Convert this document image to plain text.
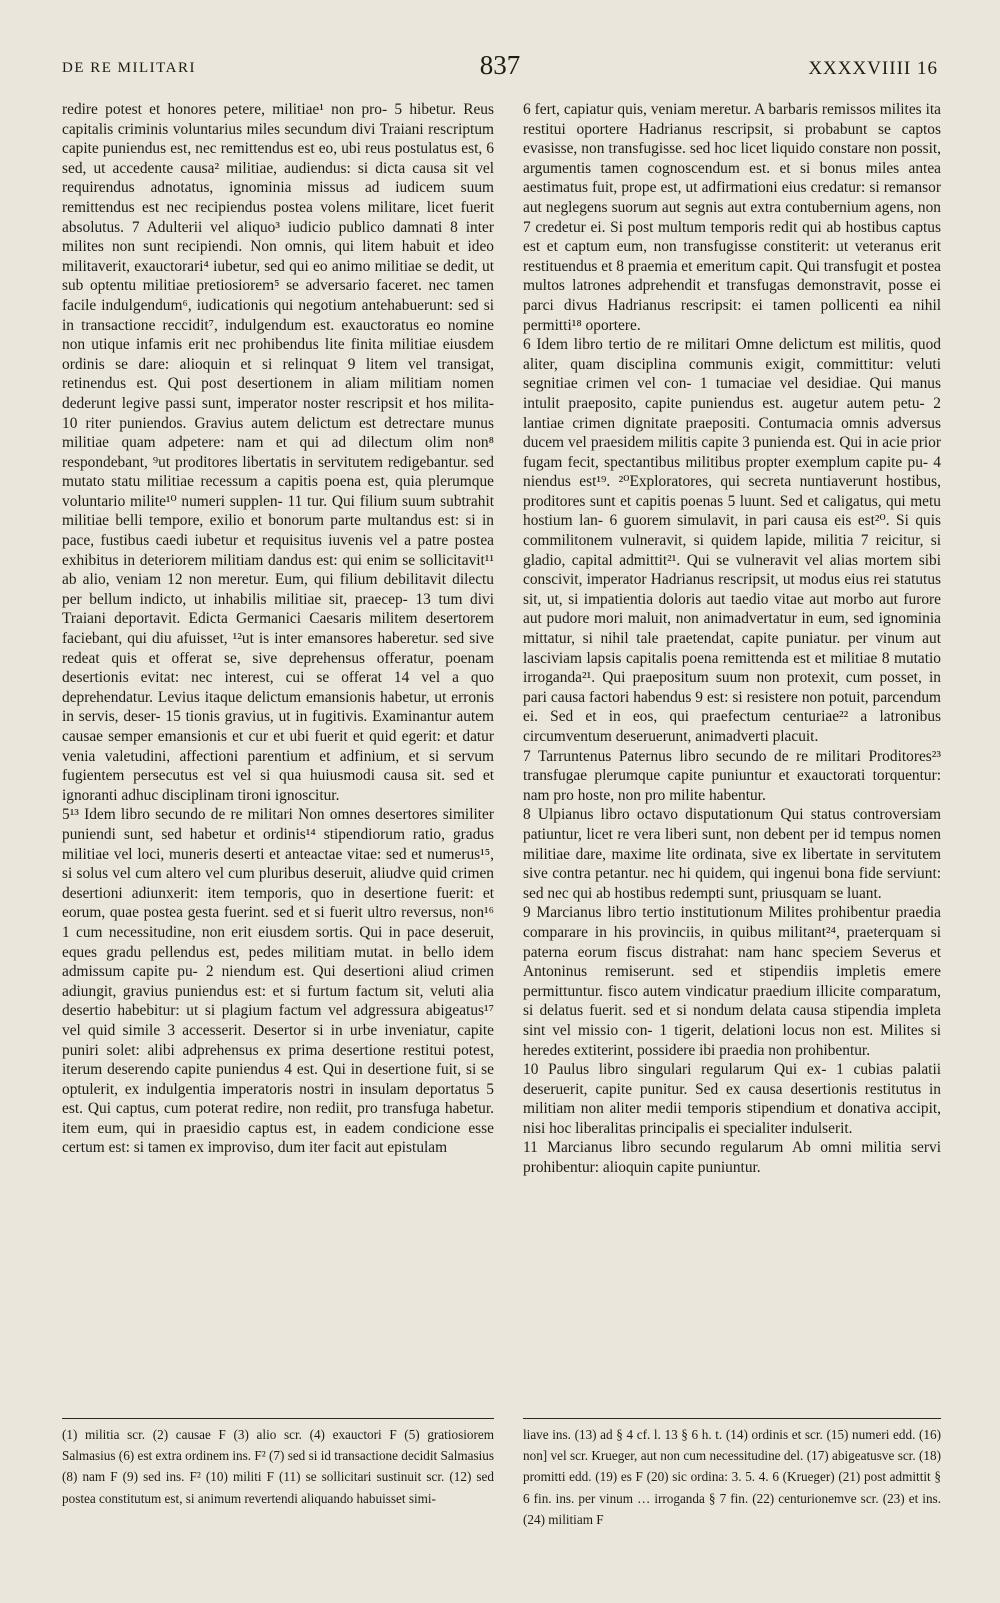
DE RE MILITARI	837	XXXXVIIII 16

redire potest et honores petere, militiae¹ non pro- 5 hibetur. Reus capitalis criminis voluntarius miles secundum divi Traiani rescriptum capite puniendus est, nec remittendus est eo, ubi reus postulatus est, 6 sed, ut accedente causa² militiae, audiendus: si dicta causa sit vel requirendus adnotatus, ignominia missus ad iudicem suum remittendus est nec recipiendus postea volens militare, licet fuerit absolutus. 7 Adulterii vel aliquo³ iudicio publico damnati 8 inter milites non sunt recipiendi. Non omnis, qui litem habuit et ideo militaverit, exauctorari⁴ iubetur, sed qui eo animo militiae se dedit, ut sub optentu militiae pretiosiorem⁵ se adversario faceret. nec tamen facile indulgendum⁶, iudicationis qui negotium antehabuerunt: sed si in transactione reccidit⁷, indulgendum est. exauctoratus eo nomine non utique infamis erit nec prohibendus lite finita militiae eiusdem ordinis se dare: alioquin et si relinquat 9 litem vel transigat, retinendus est. Qui post desertionem in aliam militiam nomen dederunt legive passi sunt, imperator noster rescripsit et hos milita- 10 riter puniendos. Gravius autem delictum est detrectare munus militiae quam adpetere: nam et qui ad dilectum olim non⁸ respondebant, ⁹ut proditores libertatis in servitutem redigebantur. sed mutato statu militiae recessum a capitis poena est, quia plerumque voluntario milite¹⁰ numeri supplen- 11 tur. Qui filium suum subtrahit militiae belli tempore, exilio et bonorum parte multandus est: si in pace, fustibus caedi iubetur et requisitus iuvenis vel a patre postea exhibitus in deteriorem militiam dandus est: qui enim se sollicitavit¹¹ ab alio, veniam 12 non meretur. Eum, qui filium debilitavit dilectu per bellum indicto, ut inhabilis militiae sit, praecep- 13 tum divi Traiani deportavit. Edicta Germanici Caesaris militem desertorem faciebant, qui diu afuisset, ¹²ut is inter emansores haberetur. sed sive redeat quis et offerat se, sive deprehensus offeratur, poenam desertionis evitat: nec interest, cui se offerat 14 vel a quo deprehendatur. Levius itaque delictum emansionis habetur, ut erronis in servis, deser- 15 tionis gravius, ut in fugitivis. Examinantur autem causae semper emansionis et cur et ubi fuerit et quid egerit: et datur venia valetudini, affectioni parentium et adfinium, et si servum fugientem persecutus est vel si qua huiusmodi causa sit. sed et ignoranti adhuc disciplinam tironi ignoscitur.

5¹³ Idem libro secundo de re militari Non omnes desertores similiter puniendi sunt, sed habetur et ordinis¹⁴ stipendiorum ratio, gradus militiae vel loci, muneris deserti et anteactae vitae: sed et numerus¹⁵, si solus vel cum altero vel cum pluribus deseruit, aliudve quid crimen desertioni adiunxerit: item temporis, quo in desertione fuerit: et eorum, quae postea gesta fuerint. sed et si fuerit ultro reversus, non¹⁶ 1 cum necessitudine, non erit eiusdem sortis. Qui in pace deseruit, eques gradu pellendus est, pedes militiam mutat. in bello idem admissum capite pu- 2 niendum est. Qui desertioni aliud crimen adiungit, gravius puniendus est: et si furtum factum sit, veluti alia desertio habebitur: ut si plagium factum vel adgressura abigeatus¹⁷ vel quid simile 3 accesserit. Desertor si in urbe inveniatur, capite puniri solet: alibi adprehensus ex prima desertione restitui potest, iterum deserendo capite puniendus 4 est. Qui in desertione fuit, si se optulerit, ex indulgentia imperatoris nostri in insulam deportatus 5 est. Qui captus, cum poterat redire, non rediit, pro transfuga habetur. item eum, qui in praesidio captus est, in eadem condicione esse certum est: si tamen ex improviso, dum iter facit aut epistulam

6 fert, capiatur quis, veniam meretur. A barbaris remissos milites ita restitui oportere Hadrianus rescripsit, si probabunt se captos evasisse, non transfugisse. sed hoc licet liquido constare non possit, argumentis tamen cognoscendum est. et si bonus miles antea aestimatus fuit, prope est, ut adfirmationi eius credatur: si remansor aut neglegens suorum aut segnis aut extra contubernium agens, non 7 credetur ei. Si post multum temporis redit qui ab hostibus captus est et captum eum, non transfugisse constiterit: ut veteranus erit restituendus et 8 praemia et emeritum capit. Qui transfugit et postea multos latrones adprehendit et transfugas demonstravit, posse ei parci divus Hadrianus rescripsit: ei tamen pollicenti ea nihil permitti¹⁸ oportere.

6 Idem libro tertio de re militari Omne delictum est militis, quod aliter, quam disciplina communis exigit, committitur: veluti segnitiae crimen vel con- 1 tumaciae vel desidiae. Qui manus intulit praeposito, capite puniendus est. augetur autem petu- 2 lantiae crimen dignitate praepositi. Contumacia omnis adversus ducem vel praesidem militis capite 3 punienda est. Qui in acie prior fugam fecit, spectantibus militibus propter exemplum capite pu- 4 niendus est¹⁹. ²⁰Exploratores, qui secreta nuntiaverunt hostibus, proditores sunt et capitis poenas 5 luunt. Sed et caligatus, qui metu hostium lan- 6 guorem simulavit, in pari causa eis est²⁰. Si quis commilitonem vulneravit, si quidem lapide, militia 7 reicitur, si gladio, capital admittit²¹. Qui se vulneravit vel alias mortem sibi conscivit, imperator Hadrianus rescripsit, ut modus eius rei statutus sit, ut, si impatientia doloris aut taedio vitae aut morbo aut furore aut pudore mori maluit, non animadvertatur in eum, sed ignominia mittatur, si nihil tale praetendat, capite puniatur. per vinum aut lasciviam lapsis capitalis poena remittenda est et militiae 8 mutatio irroganda²¹. Qui praepositum suum non protexit, cum posset, in pari causa factori habendus 9 est: si resistere non potuit, parcendum ei. Sed et in eos, qui praefectum centuriae²² a latronibus circumventum deseruerunt, animadverti placuit.

7 Tarruntenus Paternus libro secundo de re militari Proditores²³ transfugae plerumque capite puniuntur et exauctorati torquentur: nam pro hoste, non pro milite habentur.

8 Ulpianus libro octavo disputationum Qui status controversiam patiuntur, licet re vera liberi sunt, non debent per id tempus nomen militiae dare, maxime lite ordinata, sive ex libertate in servitutem sive contra petantur. nec hi quidem, qui ingenui bona fide serviunt: sed nec qui ab hostibus redempti sunt, priusquam se luant.

9 Marcianus libro tertio institutionum Milites prohibentur praedia comparare in his provinciis, in quibus militant²⁴, praeterquam si paterna eorum fiscus distrahat: nam hanc speciem Severus et Antoninus remiserunt. sed et stipendiis impletis emere permittuntur. fisco autem vindicatur praedium illicite comparatum, si delatus fuerit. sed et si nondum delata causa stipendia impleta sint vel missio con- 1 tigerit, delationi locus non est. Milites si heredes extiterint, possidere ibi praedia non prohibentur.

10 Paulus libro singulari regularum Qui ex- 1 cubias palatii deseruerit, capite punitur. Sed ex causa desertionis restitutus in militiam non aliter medii temporis stipendium et donativa accipit, nisi hoc liberalitas principalis ei specialiter indulserit.

11 Marcianus libro secundo regularum Ab omni militia servi prohibentur: alioquin capite puniuntur.

(1) militia scr. (2) causae F (3) alio scr. (4) exauctori F (5) gratiosiorem Salmasius (6) est extra ordinem ins. F² (7) sed si id transactione decidit Salmasius (8) nam F (9) sed ins. F² (10) militi F (11) se sollicitari sustinuit scr. (12) sed postea constitutum est, si animum revertendi aliquando habuisset simi-
liave ins. (13) ad § 4 cf. l. 13 § 6 h. t. (14) ordinis et scr. (15) numeri edd. (16) non] vel scr. Krueger, aut non cum necessitudine del. (17) abigeatusve scr. (18) promitti edd. (19) es F (20) sic ordina: 3. 5. 4. 6 (Krueger) (21) post admittit § 6 fin. ins. per vinum … irroganda § 7 fin. (22) centurionemve scr. (23) et ins. (24) militiam F
